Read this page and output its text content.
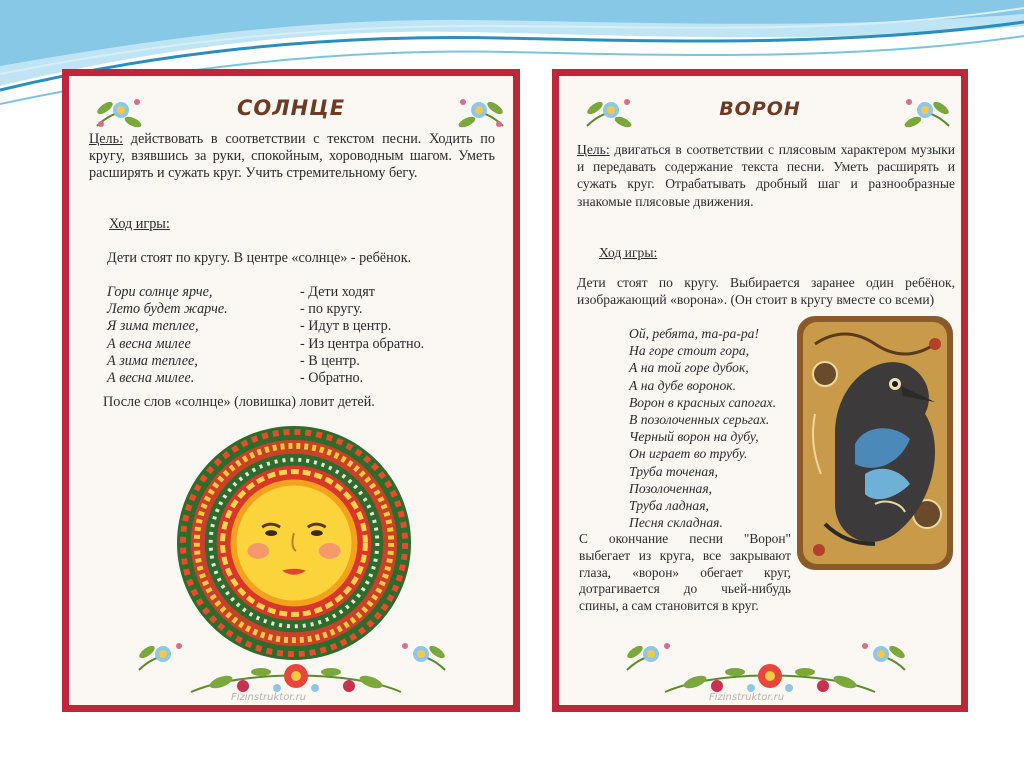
СОЛНЦЕ
Цель: действовать в соответствии с текстом песни. Ходить по кругу, взявшись за руки, спокойным, хороводным шагом. Уметь расширять и сужать круг. Учить стремительному бегу.
Ход игры:
Дети стоят по кругу. В центре «солнце» - ребёнок.
Гори солнце ярче,	- Дети ходят
Лето будет жарче.	- по кругу.
Я зима теплее,	- Идут в центр.
А весна милее	- Из центра обратно.
А зима теплее,	- В центр.
А весна милее.	- Обратно.
После слов «солнце» (ловишка) ловит детей.
Fizinstruktor.ru
ВОРОН
Цель: двигаться в соответствии с плясовым характером музыки и передавать содержание текста песни. Уметь расширять и сужать круг. Отрабатывать дробный шаг и разнообразные знакомые плясовые движения.
Ход игры:
Дети стоят по кругу. Выбирается заранее один ребёнок, изображающий «ворона». (Он стоит в кругу вместе со всеми)
Ой, ребята, та-ра-ра!
На горе стоит гора,
А на той горе дубок,
А на дубе воронок.
Ворон в красных сапогах.
В позолоченных серьгах.
Черный ворон на дубу,
Он играет во трубу.
Труба точеная,
Позолоченная,
Труба ладная,
Песня складная.
С окончание песни "Ворон" выбегает из круга, все закрывают глаза, «ворон» обегает круг, дотрагивается до чьей-нибудь спины, а сам становится в круг.
Fizinstruktor.ru
